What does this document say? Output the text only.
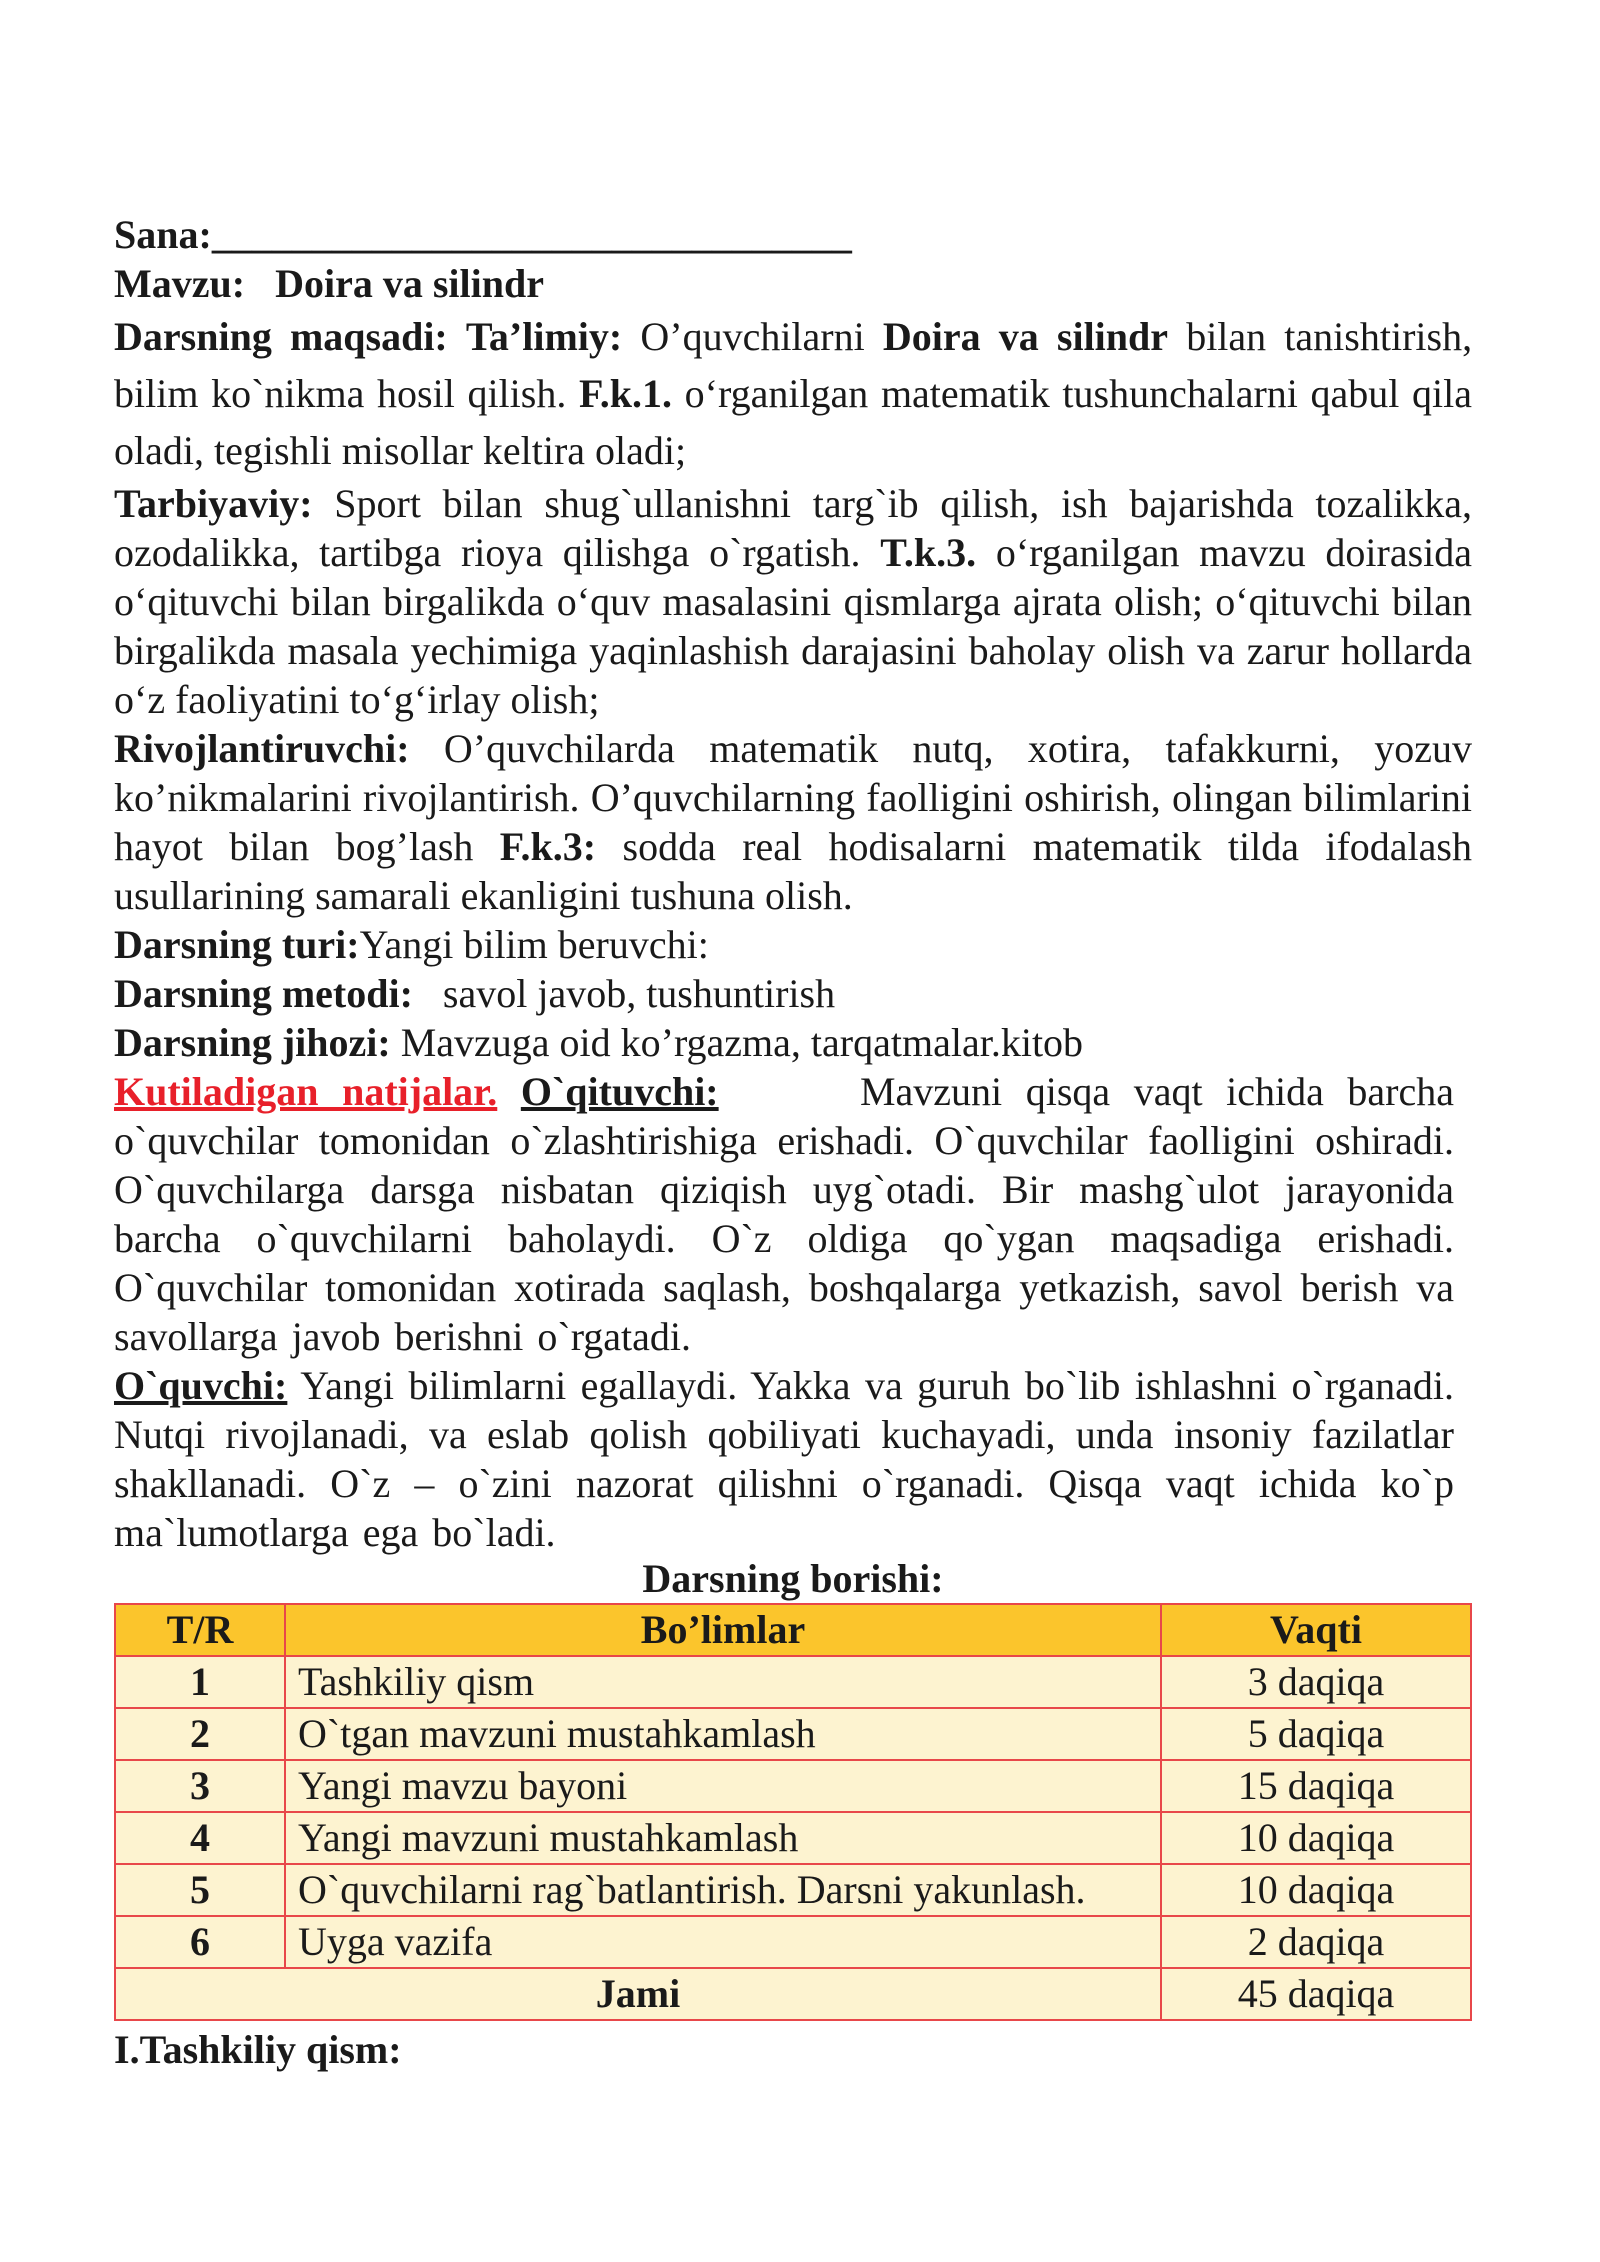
Sana:________________________________

Mavzu: Doira va silindr

Darsning maqsadi: Ta’limiy: O’quvchilarni Doira va silindr bilan tanishtirish, bilim ko`nikma hosil qilish. F.k.1. o‘rganilgan matematik tushunchalarni qabul qila oladi, tegishli misollar keltira oladi;

Tarbiyaviy: Sport bilan shug`ullanishni targ`ib qilish, ish bajarishda tozalikka, ozodalikka, tartibga rioya qilishga o`rgatish. T.k.3. o‘rganilgan mavzu doirasida o‘qituvchi bilan birgalikda o‘quv masalasini qismlarga ajrata olish; o‘qituvchi bilan birgalikda masala yechimiga yaqinlashish darajasini baholay olish va zarur hollarda o‘z faoliyatini to‘g‘irlay olish;

Rivojlantiruvchi: O’quvchilarda matematik nutq, xotira, tafakkurni, yozuv ko’nikmalarini rivojlantirish. O’quvchilarning faolligini oshirish, olingan bilimlarini hayot bilan bog’lash F.k.3: sodda real hodisalarni matematik tilda ifodalash usullarining samarali ekanligini tushuna olish.

Darsning turi:Yangi bilim beruvchi:

Darsning metodi: savol javob, tushuntirish

Darsning jihozi: Mavzuga oid ko’rgazma, tarqatmalar.kitob

Kutiladigan natijalar. O`qituvchi:	Mavzuni qisqa vaqt ichida barcha o`quvchilar tomonidan o`zlashtirishiga erishadi. O`quvchilar faolligini oshiradi. O`quvchilarga darsga nisbatan qiziqish uyg`otadi. Bir mashg`ulot jarayonida barcha o`quvchilarni baholaydi. O`z oldiga qo`ygan maqsadiga erishadi. O`quvchilar tomonidan xotirada saqlash, boshqalarga yetkazish, savol berish va savollarga javob berishni o`rgatadi.

O`quvchi: Yangi bilimlarni egallaydi. Yakka va guruh bo`lib ishlashni o`rganadi. Nutqi rivojlanadi, va eslab qolish qobiliyati kuchayadi, unda insoniy fazilatlar shakllanadi. O`z – o`zini nazorat qilishni o`rganadi. Qisqa vaqt ichida ko`p ma`lumotlarga ega bo`ladi.

Darsning borishi:

T/R	Bo’limlar	Vaqti
1	Tashkiliy qism	3 daqiqa
2	O`tgan mavzuni mustahkamlash	5 daqiqa
3	Yangi mavzu bayoni	15 daqiqa
4	Yangi mavzuni mustahkamlash	10 daqiqa
5	O`quvchilarni rag`batlantirish. Darsni yakunlash.	10 daqiqa
6	Uyga vazifa	2 daqiqa
Jami		45 daqiqa

I.Tashkiliy qism:
